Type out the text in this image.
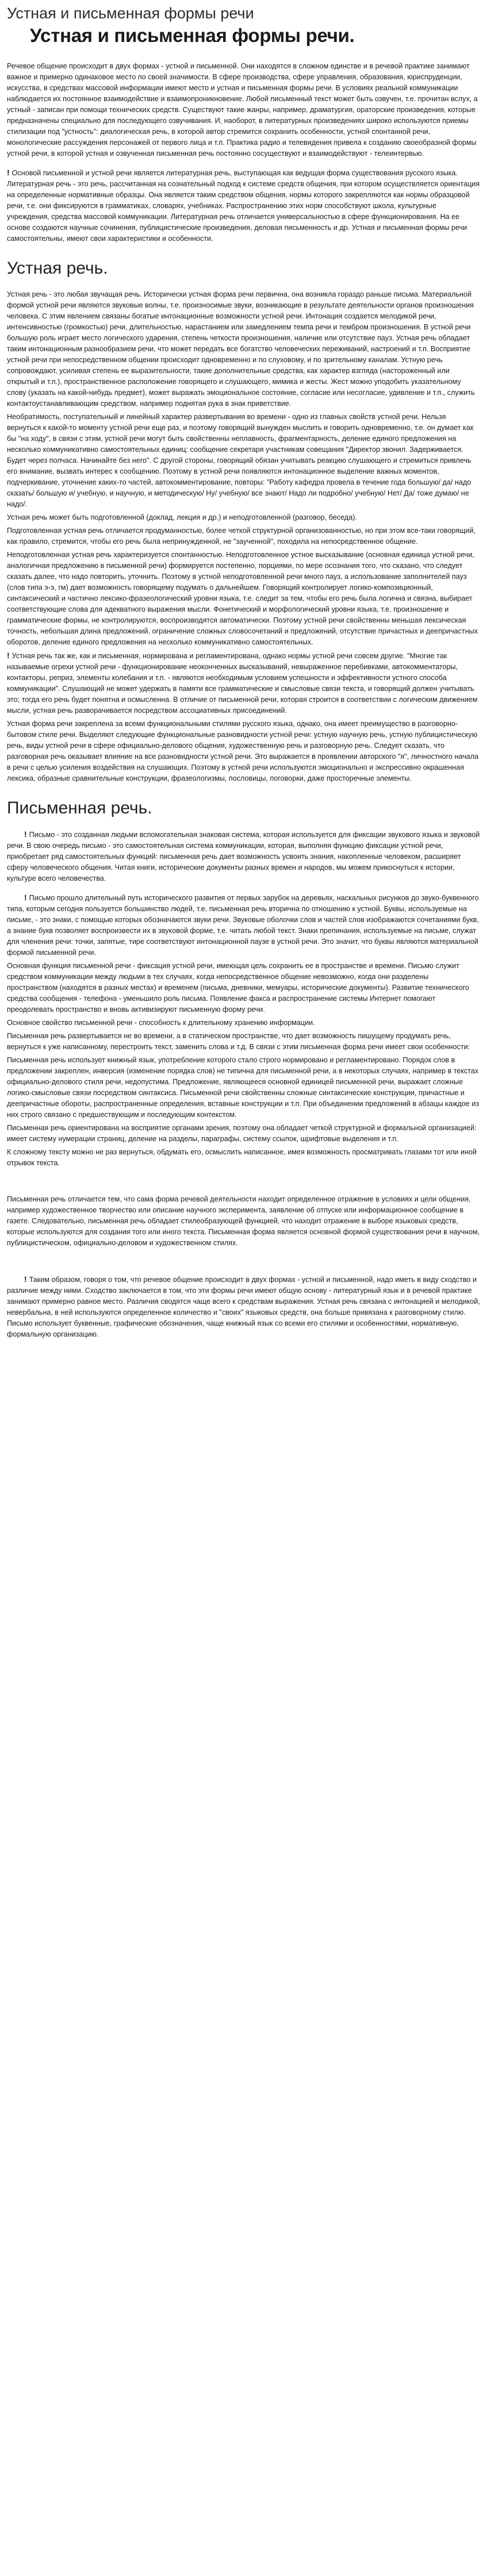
Устная и письменная формы речи
Устная и письменная формы речи.

Речевое общение происходит в двух формах - устной и письменной. Они находятся в сложном единстве и в речевой практике занимают важное и примерно одинаковое место по своей значимости. В сфере производства, сфере управления, образования, юриспруденции, искусства, в средствах массовой информации имеют место и устная и письменная формы речи. В условиях реальной коммуникации наблюдается их постоянное взаимодействие и взаимопроникновение. Любой письменный текст может быть озвучен, т.е. прочитан вслух, а устный - записан при помощи технических средств. Существуют такие жанры, например, драматургия, ораторские произведения, которые предназначены специально для последующего озвучивания. И, наоборот, в литературных произведениях широко используются приемы стилизации под "устность": диалогическая речь, в которой автор стремится сохранить особенности, устной спонтанной речи, монологические рассуждения персонажей от первого лица и т.п. Практика радио и телевидения привела к созданию своеобразной формы устной речи, в которой устная и озвученная письменная речь постоянно сосуществуют и взаимодействуют - телеинтервью.

! Основой письменной и устной речи является литературная речь, выступающая как ведущая форма существования русского языка. Литературная речь - это речь, рассчитанная на сознательный подход к системе средств общения, при котором осуществляется ориентация на определенные нормативные образцы. Она является таким средством общения, нормы которого закрепляются как нормы образцовой речи, т.е. они фиксируются в грамматиках, словарях, учебниках. Распространению этих норм способствуют школа, культурные учреждения, средства массовой коммуникации. Литературная речь отличается универсальностью в сфере функционирования. На ее основе создаются научные сочинения, публицистические произведения, деловая письменность и др. Устная и письменная формы речи самостоятельны, имеют свои характеристики и особенности.

Устная речь.

Устная речь - это любая звучащая речь. Исторически устная форма речи первична, она возникла гораздо раньше письма. Материальной формой устной речи являются звуковые волны, т.е. произносимые звуки, возникающие в результате деятельности органов произношения человека. С этим явлением связаны богатые интонационные возможности устной речи. Интонация создается мелодикой речи, интенсивностью (громкостью) речи, длительностью, нарастанием или замедлением темпа речи и тембром произношения. В устной речи большую роль играет место логического ударения, степень четкости произношения, наличие или отсутствие пауз. Устная речь обладает таким интонационным разнообразием речи, что может передать все богатство человеческих переживаний, настроений и т.п. Восприятие устной речи при непосредственном общении происходит одновременно и по слуховому, и по зрительному каналам. Устную речь сопровождают, усиливая степень ее выразительности, такие дополнительные средства, как характер взгляда (настороженный или открытый и т.п.), пространственное расположение говорящего и слушающего, мимика и жесты. Жест можно уподобить указательному слову (указать на какой-нибудь предмет), может выражать эмоциональное состояние, согласие или несогласие, удивление и т.п., служить контактоустанавливающим средством, например поднятая рука в знак приветствие.

Необратимость, поступательный и линейный характер развертывания во времени - одно из главных свойств устной речи. Нельзя вернуться к какой-то моменту устной речи еще раз, и поэтому говорящий вынужден мыслить и говорить одновременно, т.е. он думает как бы "на ходу", в связи с этим, устной речи могут быть свойственны неплавность, фрагментарность, деление единого предложения на несколько коммуникативно самостоятельных единиц: сообщение секретаря участникам совещания "Директор звонил. Задерживается. Будет через полчаса. Начинайте без него". С другой стороны, говорящий обязан учитывать реакцию слушающего и стремиться привлечь его внимание, вызвать интерес к сообщению. Поэтому в устной речи появляются интонационное выделение важных моментов, подчеркивание, уточнение каких-то частей, автокомментирование, повторы: "Работу кафедра провела в течение года большую/ да/ надо сказать/ большую и/ учебную, и научную, и методическую/ Ну/ учебную/ все знают/ Надо ли подробно/ учебную/ Нет/ Да/ тоже думаю/ не надо/.

Устная речь может быть подготовленной (доклад, лекция и др.) и неподготовленной (разговор, беседа).

Подготовленная устная речь отличается продуманностью, более четкой структурной организованностью, но при этом все-таки говорящий, как правило, стремится, чтобы его речь была непринужденной, не "заученной", походила на непосредственное общение.

Неподготовленная устная речь характеризуется спонтанностью. Неподготовленное устное высказывание (основная единица устной речи, аналогичная предложению в письменной речи) формируется постепенно, порциями, по мере осознания того, что сказано, что следует сказать далее, что надо повторить, уточнить. Поэтому в устной неподготовленной речи много пауз, а использование заполнителей пауз (слов типа э-э, гм) дает возможность говорящему подумать о дальнейшем. Говорящий контролирует логико-композиционный, синтаксический и частично лексико-фразеологический уровни языка, т.е. следит за тем, чтобы его речь была логична и связна, выбирает соответствующие слова для адекватного выражения мысли. Фонетический и морфологический уровни языка, т.е. произношение и грамматические формы, не контролируются, воспроизводятся автоматически. Поэтому устной речи свойственны меньшая лексическая точность, небольшая длина предложений, ограничение сложных словосочетаний и предложений, отсутствие причастных и деепричастных оборотов, деление единого предложения на несколько коммуникативно самостоятельных.

! Устная речь так же, как и письменная, нормирована и регламентирована, однако нормы устной речи совсем другие. "Многие так называемые огрехи устной речи - функционирование неоконченных высказываний, невыраженное перебивками, автокомментаторы, контакторы, реприз, элементы колебания и т.п. - являются необходимым условием успешности и эффективности устного способа коммуникации". Слушающий не может удержать в памяти все грамматические и смысловые связи текста, и говорящий должен учитывать это; тогда его речь будет понятна и осмысленна. В отличие от письменной речи, которая строится в соответствии с логическим движением мысли, устная речь разворачивается посредством ассоциативных присоединений.

Устная форма речи закреплена за всеми функциональными стилями русского языка, однако, она имеет преимущество в разговорно-бытовом стиле речи. Выделяют следующие функциональные разновидности устной речи: устную научную речь, устную публицистическую речь, виды устной речи в сфере официально-делового общения, художественную речь и разговорную речь. Следует сказать, что разговорная речь оказывает влияние на все разновидности устной речи. Это выражается в проявлении авторского "я", личностного начала в речи с целью усиления воздействия на слушающих. Поэтому в устной речи используются эмоционально и экспрессивно окрашенная лексика, образные сравнительные конструкции, фразеологизмы, пословицы, поговорки, даже просторечные элементы.

Письменная речь.

! Письмо - это созданная людьми вспомогательная знаковая система, которая используется для фиксации звукового языка и звуковой речи. В свою очередь письмо - это самостоятельная система коммуникации, которая, выполняя функцию фиксации устной речи, приобретает ряд самостоятельных функций: письменная речь дает возможность усвоить знания, накопленные человеком, расширяет сферу человеческого общения. Читая книги, исторические документы разных времен и народов, мы можем прикоснуться к истории, культуре всего человечества.

! Письмо прошло длительный путь исторического развития от первых зарубок на деревьях, наскальных рисунков до звуко-буквенного типа, которым сегодня пользуется большинство людей, т.е. письменная речь вторична по отношению к устной. Буквы, используемые на письме, - это знаки, с помощью которых обозначаются звуки речи. Звуковые оболочки слов и частей слов изображаются сочетаниями букв, а знание букв позволяет воспроизвести их в звуковой форме, т.е. читать любой текст. Знаки препинания, используемые на письме, служат для членения речи: точки, запятые, тире соответствуют интонационной паузе в устной речи. Это значит, что буквы являются материальной формой письменной речи.

Основная функция письменной речи - фиксация устной речи, имеющая цель сохранить ее в пространстве и времени. Письмо служит средством коммуникации между людьми в тех случаях, когда непосредственное общение невозможно, когда они разделены пространством (находятся в разных местах) и временем (письма, дневники, мемуары, исторические документы). Развитие технического средства сообщения - телефона - уменьшило роль письма. Появление факса и распространение системы Интернет помогают преодолевать пространство и вновь активизируют письменную форму речи.

Основное свойство письменной речи - способность к длительному хранению информации.

Письменная речь развертывается не во времени, а в статическом пространстве, что дает возможность пишущему продумать речь, вернуться к уже написанному, перестроить текст, заменить слова и т.д. В связи с этим письменная форма речи имеет свои особенности:

Письменная речь использует книжный язык, употребление которого стало строго нормировано и регламентировано. Порядок слов в предложении закреплен, инверсия (изменение порядка слов) не типична для письменной речи, а в некоторых случаях, например в текстах официально-делового стиля речи, недопустима. Предложение, являющееся основной единицей письменной речи, выражает сложные логико-смысловые связи посредством синтаксиса. Письменной речи свойственны сложные синтаксические конструкции, причастные и деепричастные обороты, распространенные определения, вставные конструкции и т.п. При объединении предложений в абзацы каждое из них строго связано с предшествующим и последующим контекстом.

Письменная речь ориентирована на восприятие органами зрения, поэтому она обладает четкой структурной и формальной организацией: имеет систему нумерации страниц, деление на разделы, параграфы, систему ссылок, шрифтовые выделения и т.п.

К сложному тексту можно не раз вернуться, обдумать его, осмыслить написанное, имея возможность просматривать глазами тот или иной отрывок текста.

Письменная речь отличается тем, что сама форма речевой деятельности находит определенное отражение в условиях и цели общения, например художественное творчество или описание научного эксперимента, заявление об отпуске или информационное сообщение в газете. Следовательно, письменная речь обладает стилеобразующей функцией, что находит отражение в выборе языковых средств, которые используются для создания того или иного текста. Письменная форма является основной формой существования речи в научном, публицистическом, официально-деловом и художественном стилях.

! Таким образом, говоря о том, что речевое общение происходит в двух формах - устной и письменной, надо иметь в виду сходство и различие между ними. Сходство заключается в том, что эти формы речи имеют общую основу - литературный язык и в речевой практике занимают примерно равное место. Различия сводятся чаще всего к средствам выражения. Устная речь связана с интонацией и мелодикой, невербальна, в ней используются определенное количество и "своих" языковых средств, она больше привязана к разговорному стилю. Письмо использует буквенные, графические обозначения, чаще книжный язык со всеми его стилями и особенностями, нормативную, формальную организацию.
